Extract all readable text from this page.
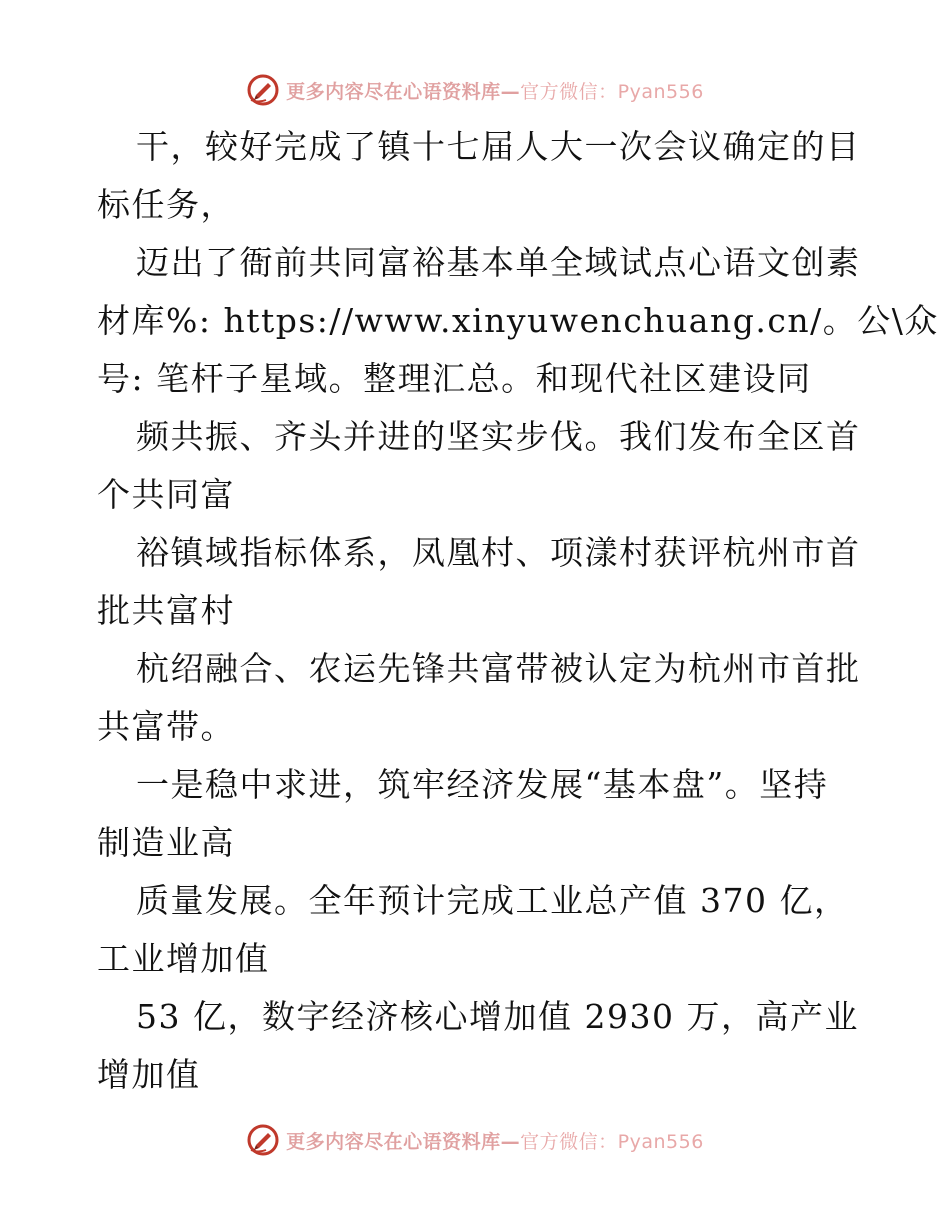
更多内容尽在心语资料库—官方微信：Pyan556
干，较好完成了镇十七届人大一次会议确定的目
标任务，
迈出了衙前共同富裕基本单全域试点心语文创素
材库%: https://www.xinyuwenchuang.cn/。公\众
号: 笔杆子星域。整理汇总。和现代社区建设同
频共振、齐头并进的坚实步伐。我们发布全区首
个共同富
裕镇域指标体系，凤凰村、项漾村获评杭州市首
批共富村
杭绍融合、农运先锋共富带被认定为杭州市首批
共富带。
一是稳中求进，筑牢经济发展“基本盘”。坚持
制造业高
质量发展。全年预计完成工业总产值 370 亿，
工业增加值
53 亿，数字经济核心增加值 2930 万，高产业
增加值
更多内容尽在心语资料库—官方微信：Pyan556
